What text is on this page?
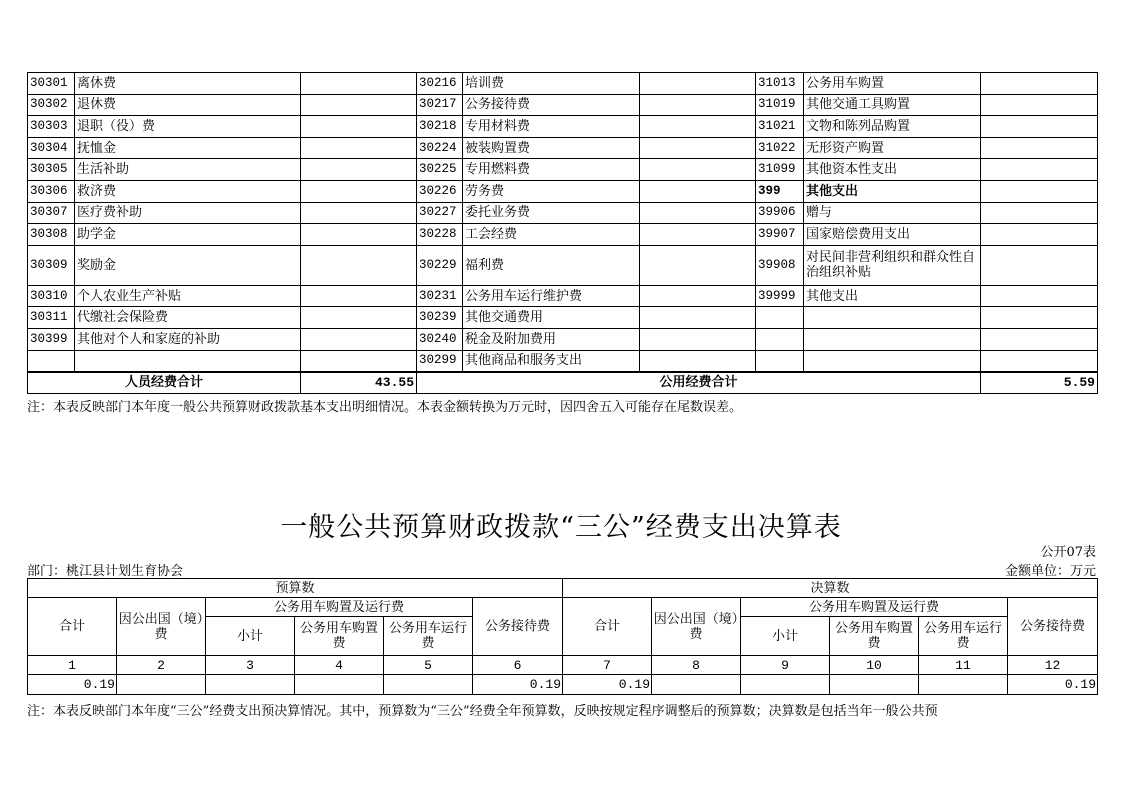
30301	离休费		30216	培训费		31013	公务用车购置	
30302	退休费		30217	公务接待费		31019	其他交通工具购置	
30303	退职（役）费		30218	专用材料费		31021	文物和陈列品购置	
30304	抚恤金		30224	被装购置费		31022	无形资产购置	
30305	生活补助		30225	专用燃料费		31099	其他资本性支出	
30306	救济费		30226	劳务费		399	其他支出	
30307	医疗费补助		30227	委托业务费		39906	赠与	
30308	助学金		30228	工会经费		39907	国家赔偿费用支出	
30309	奖励金		30229	福利费		39908	对民间非营利组织和群众性自治组织补贴	
30310	个人农业生产补贴		30231	公务用车运行维护费		39999	其他支出	
30311	代缴社会保险费		30239	其他交通费用				
30399	其他对个人和家庭的补助		30240	税金及附加费用				
			30299	其他商品和服务支出				
人员经费合计		43.55	公用经费合计					5.59
注：本表反映部门本年度一般公共预算财政拨款基本支出明细情况。本表金额转换为万元时，因四舍五入可能存在尾数误差。
一般公共预算财政拨款“三公”经费支出决算表
公开07表
部门：桃江县计划生育协会	金额单位：万元
预算数						决算数					
合计	因公出国（境）费	公务用车购置及运行费			公务接待费	合计	因公出国（境）费	公务用车购置及运行费			公务接待费
		小计	公务用车购置费	公务用车运行费				小计	公务用车购置费	公务用车运行费	
1	2	3	4	5	6	7	8	9	10	11	12
0.19					0.19	0.19					0.19
注：本表反映部门本年度“三公”经费支出预决算情况。其中，预算数为“三公”经费全年预算数，反映按规定程序调整后的预算数；决算数是包括当年一般公共预
